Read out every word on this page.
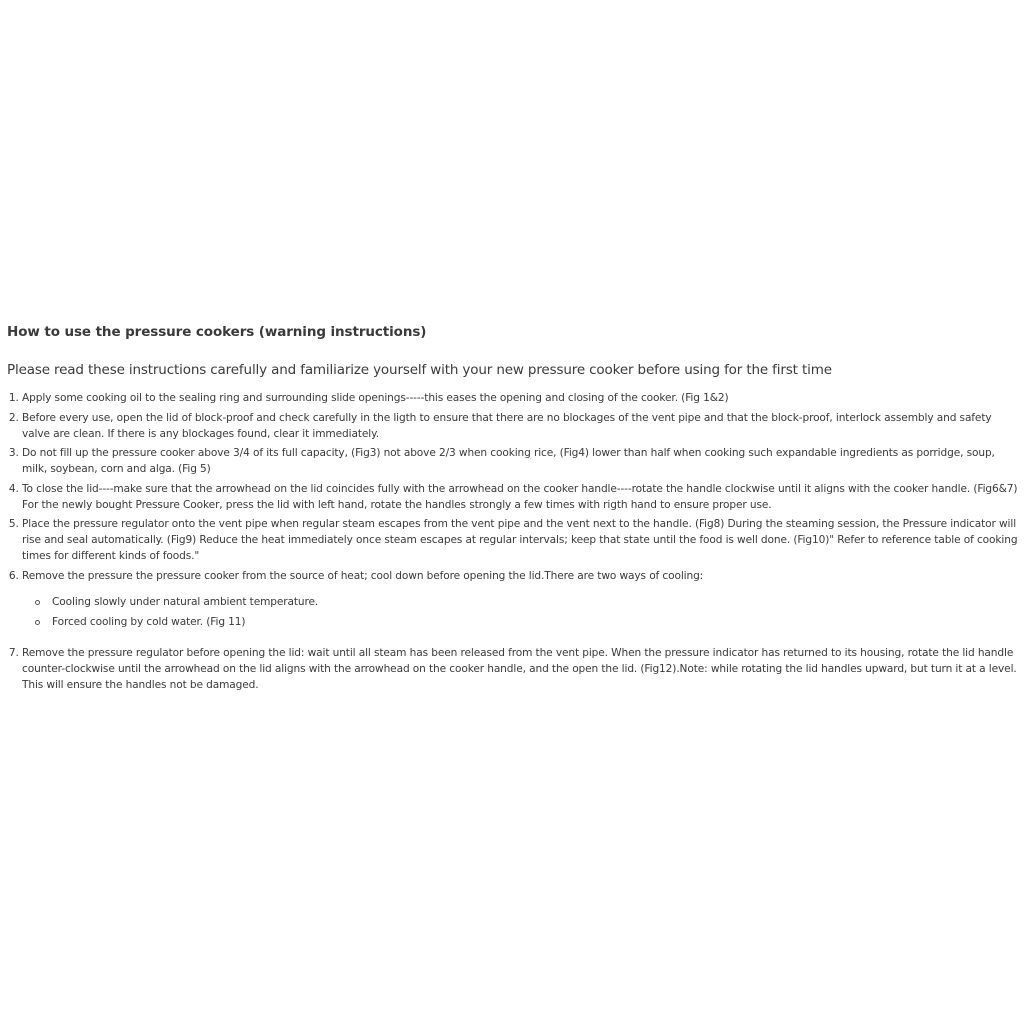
How to use the pressure cookers (warning instructions)

Please read these instructions carefully and familiarize yourself with your new pressure cooker before using for the first time

1. Apply some cooking oil to the sealing ring and surrounding slide openings-----this eases the opening and closing of the cooker. (Fig 1&2)
2. Before every use, open the lid of block-proof and check carefully in the ligth to ensure that there are no blockages of the vent pipe and that the block-proof, interlock assembly and safety valve are clean. If there is any blockages found, clear it immediately.
3. Do not fill up the pressure cooker above 3/4 of its full capacity, (Fig3) not above 2/3 when cooking rice, (Fig4) lower than half when cooking such expandable ingredients as porridge, soup, milk, soybean, corn and alga. (Fig 5)
4. To close the lid----make sure that the arrowhead on the lid coincides fully with the arrowhead on the cooker handle----rotate the handle clockwise until it aligns with the cooker handle. (Fig6&7) For the newly bought Pressure Cooker, press the lid with left hand, rotate the handles strongly a few times with rigth hand to ensure proper use.
5. Place the pressure regulator onto the vent pipe when regular steam escapes from the vent pipe and the vent next to the handle. (Fig8) During the steaming session, the Pressure indicator will rise and seal automatically. (Fig9) Reduce the heat immediately once steam escapes at regular intervals; keep that state until the food is well done. (Fig10)" Refer to reference table of cooking times for different kinds of foods."
6. Remove the pressure the pressure cooker from the source of heat; cool down before opening the lid.There are two ways of cooling:
Cooling slowly under natural ambient temperature.
Forced cooling by cold water. (Fig 11)
7. Remove the pressure regulator before opening the lid: wait until all steam has been released from the vent pipe. When the pressure indicator has returned to its housing, rotate the lid handle counter-clockwise until the arrowhead on the lid aligns with the arrowhead on the cooker handle, and the open the lid. (Fig12).Note: while rotating the lid handles upward, but turn it at a level. This will ensure the handles not be damaged.
